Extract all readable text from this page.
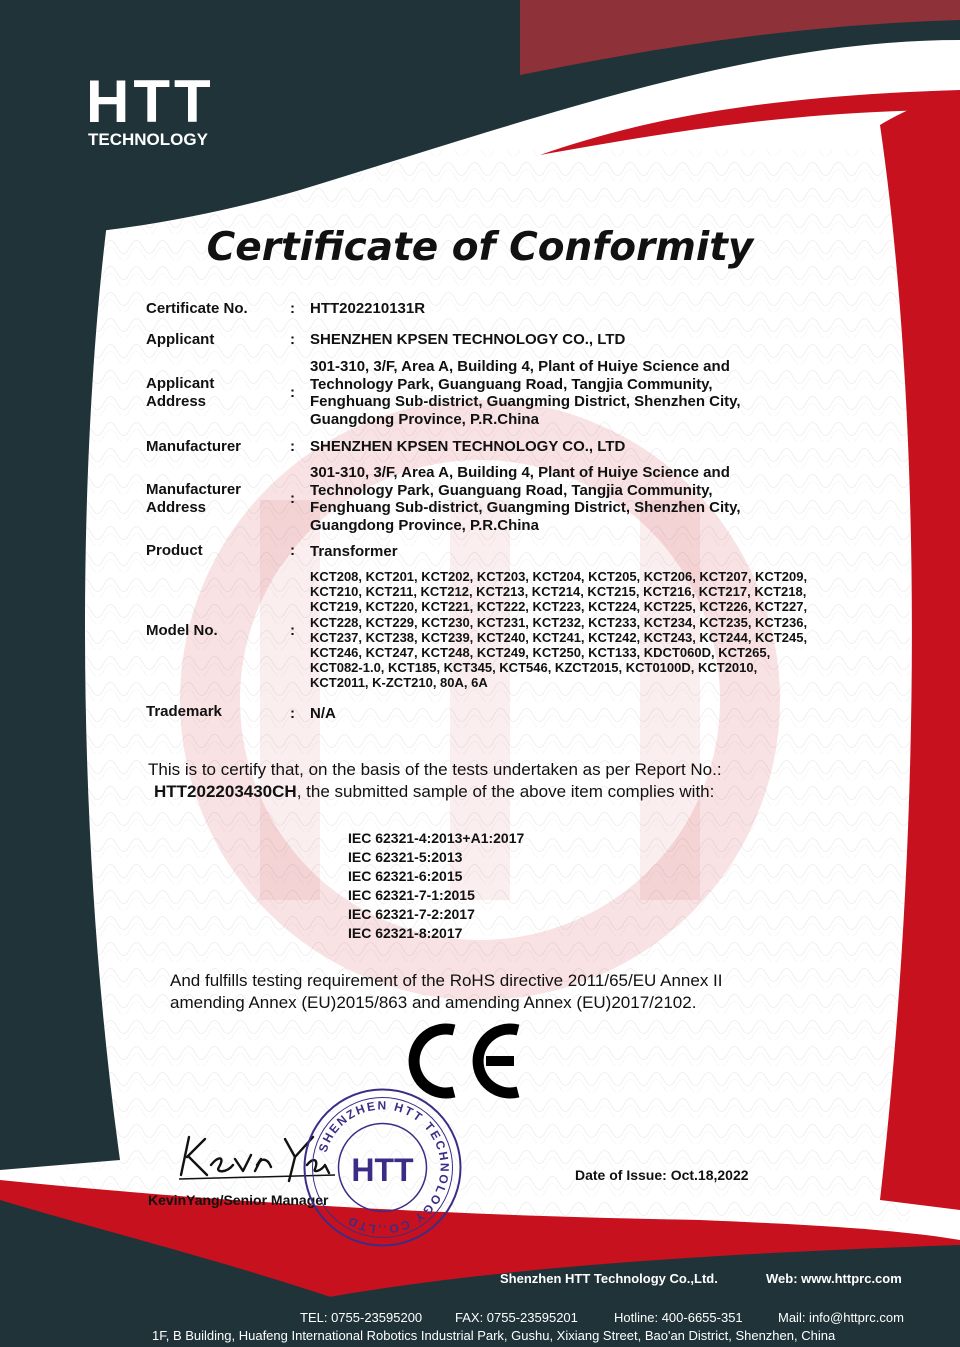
HTT
TECHNOLOGY
Certificate of Conformity
Certificate No.	: HTT202210131R
Applicant	: SHENZHEN KPSEN TECHNOLOGY CO., LTD
Applicant
Address
:
301-310, 3/F, Area A, Building 4, Plant of Huiye Science and
Technology Park, Guanguang Road, Tangjia Community,
Fenghuang Sub-district, Guangming District, Shenzhen City,
Guangdong Province, P.R.China
Manufacturer	: SHENZHEN KPSEN TECHNOLOGY CO., LTD
Manufacturer
Address
:
301-310, 3/F, Area A, Building 4, Plant of Huiye Science and
Technology Park, Guanguang Road, Tangjia Community,
Fenghuang Sub-district, Guangming District, Shenzhen City,
Guangdong Province, P.R.China
Product	: Transformer
Model No.	:
KCT208, KCT201, KCT202, KCT203, KCT204, KCT205, KCT206, KCT207, KCT209,
KCT210, KCT211, KCT212, KCT213, KCT214, KCT215, KCT216, KCT217, KCT218,
KCT219, KCT220, KCT221, KCT222, KCT223, KCT224, KCT225, KCT226, KCT227,
KCT228, KCT229, KCT230, KCT231, KCT232, KCT233, KCT234, KCT235, KCT236,
KCT237, KCT238, KCT239, KCT240, KCT241, KCT242, KCT243, KCT244, KCT245,
KCT246, KCT247, KCT248, KCT249, KCT250, KCT133, KDCT060D, KCT265,
KCT082-1.0, KCT185, KCT345, KCT546, KZCT2015, KCT0100D, KCT2010,
KCT2011, K-ZCT210, 80A, 6A
Trademark	: N/A
This is to certify that, on the basis of the tests undertaken as per Report No.:
HTT202203430CH, the submitted sample of the above item complies with:
IEC 62321-4:2013+A1:2017
IEC 62321-5:2013
IEC 62321-6:2015
IEC 62321-7-1:2015
IEC 62321-7-2:2017
IEC 62321-8:2017
And fulfills testing requirement of the RoHS directive 2011/65/EU Annex II
amending Annex (EU)2015/863 and amending Annex (EU)2017/2102.
KevinYang/Senior Manager
SHENZHEN HTT TECHNOLOGY CO.,LTD
HTT	Date of Issue: Oct.18,2022
Shenzhen HTT Technology Co.,Ltd.	Web: www.httprc.com
TEL: 0755-23595200	FAX: 0755-23595201	Hotline: 400-6655-351	Mail: info@httprc.com
1F, B Building, Huafeng International Robotics Industrial Park, Gushu, Xixiang Street, Bao'an District, Shenzhen, China
